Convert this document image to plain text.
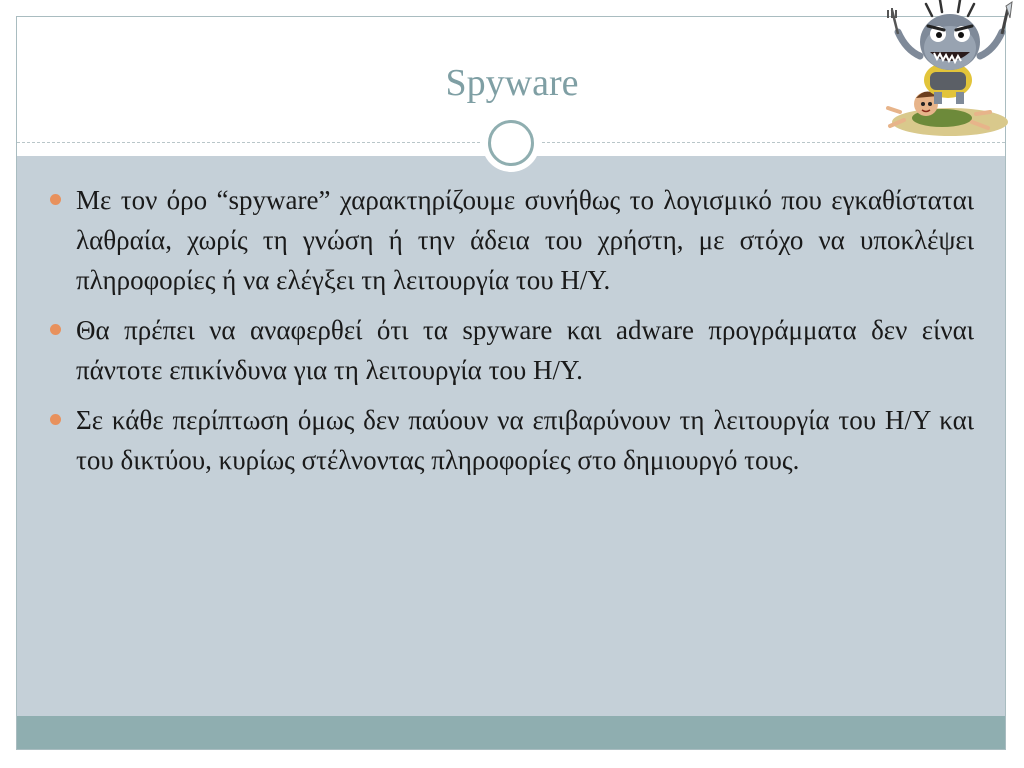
Spyware
Με τον όρο “spyware” χαρακτηρίζουμε συνήθως το λογισμικό που εγκαθίσταται λαθραία, χωρίς τη γνώση ή την άδεια του χρήστη, με στόχο να υποκλέψει πληροφορίες ή να ελέγξει τη λειτουργία του Η/Υ.
Θα πρέπει να αναφερθεί ότι τα spyware και adware προγράμματα δεν είναι πάντοτε επικίνδυνα για τη λειτουργία του Η/Υ.
Σε κάθε περίπτωση όμως δεν παύουν να επιβαρύνουν τη λειτουργία του Η/Υ και του δικτύου, κυρίως στέλνοντας πληροφορίες στο δημιουργό τους.
